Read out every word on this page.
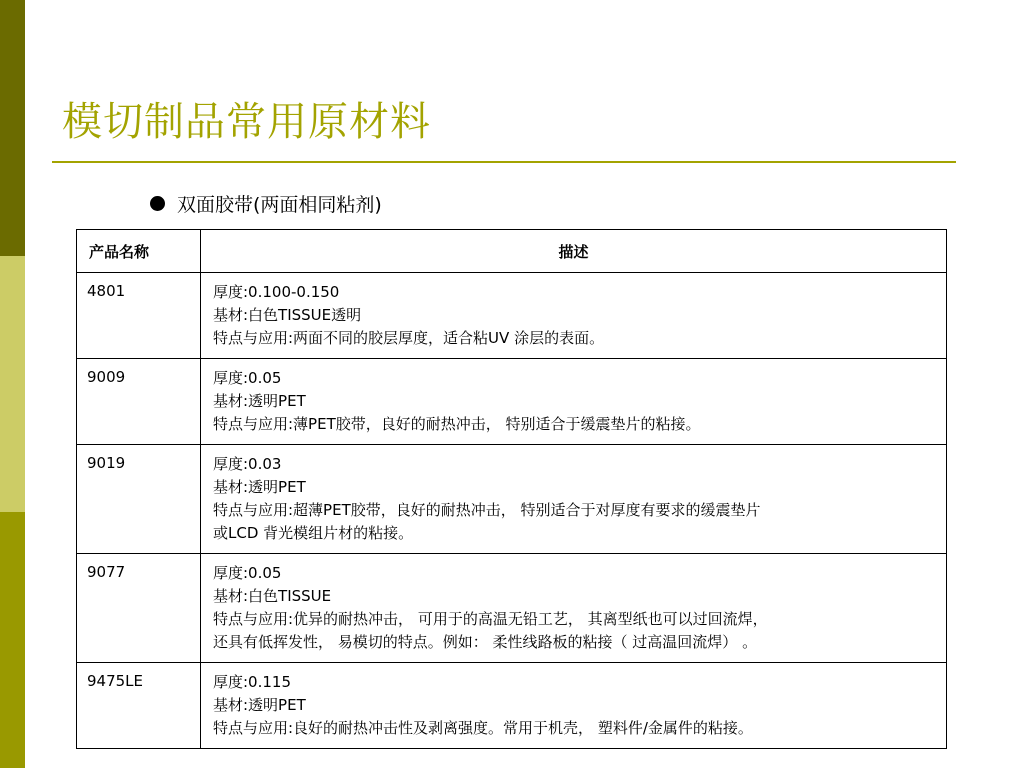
模切制品常用原材料
双面胶带(两面相同粘剂)
产品名称	描述
4801	厚度:0.100-0.150
基材:白色TISSUE透明
特点与应用:两面不同的胶层厚度，适合粘UV 涂层的表面。

9009	厚度:0.05
基材:透明PET
特点与应用:薄PET胶带，良好的耐热冲击， 特别适合于缓震垫片的粘接。

9019	厚度:0.03
基材:透明PET
特点与应用:超薄PET胶带，良好的耐热冲击， 特别适合于对厚度有要求的缓震垫片
或LCD 背光模组片材的粘接。

9077	厚度:0.05
基材:白色TISSUE
特点与应用:优异的耐热冲击， 可用于的高温无铅工艺， 其离型纸也可以过回流焊，
还具有低挥发性， 易模切的特点。例如： 柔性线路板的粘接（ 过高温回流焊） 。

9475LE	厚度:0.115
基材:透明PET
特点与应用:良好的耐热冲击性及剥离强度。常用于机壳， 塑料件/金属件的粘接。
